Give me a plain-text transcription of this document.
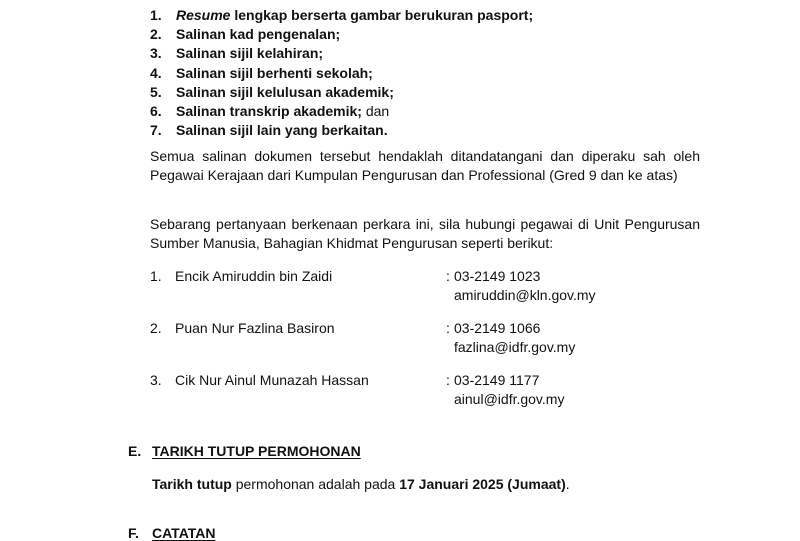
1. Resume lengkap berserta gambar berukuran pasport;
2. Salinan kad pengenalan;
3. Salinan sijil kelahiran;
4. Salinan sijil berhenti sekolah;
5. Salinan sijil kelulusan akademik;
6. Salinan transkrip akademik; dan
7. Salinan sijil lain yang berkaitan.

Semua salinan dokumen tersebut hendaklah ditandatangani dan diperaku sah oleh Pegawai Kerajaan dari Kumpulan Pengurusan dan Professional (Gred 9 dan ke atas)

Sebarang pertanyaan berkenaan perkara ini, sila hubungi pegawai di Unit Pengurusan Sumber Manusia, Bahagian Khidmat Pengurusan seperti berikut:

1. Encik Amiruddin bin Zaidi	: 03-2149 1023
amiruddin@kln.gov.my
2. Puan Nur Fazlina Basiron	: 03-2149 1066
fazlina@idfr.gov.my
3. Cik Nur Ainul Munazah Hassan	: 03-2149 1177
ainul@idfr.gov.my
E. TARIKH TUTUP PERMOHONAN
Tarikh tutup permohonan adalah pada 17 Januari 2025 (Jumaat).
F. CATATAN
